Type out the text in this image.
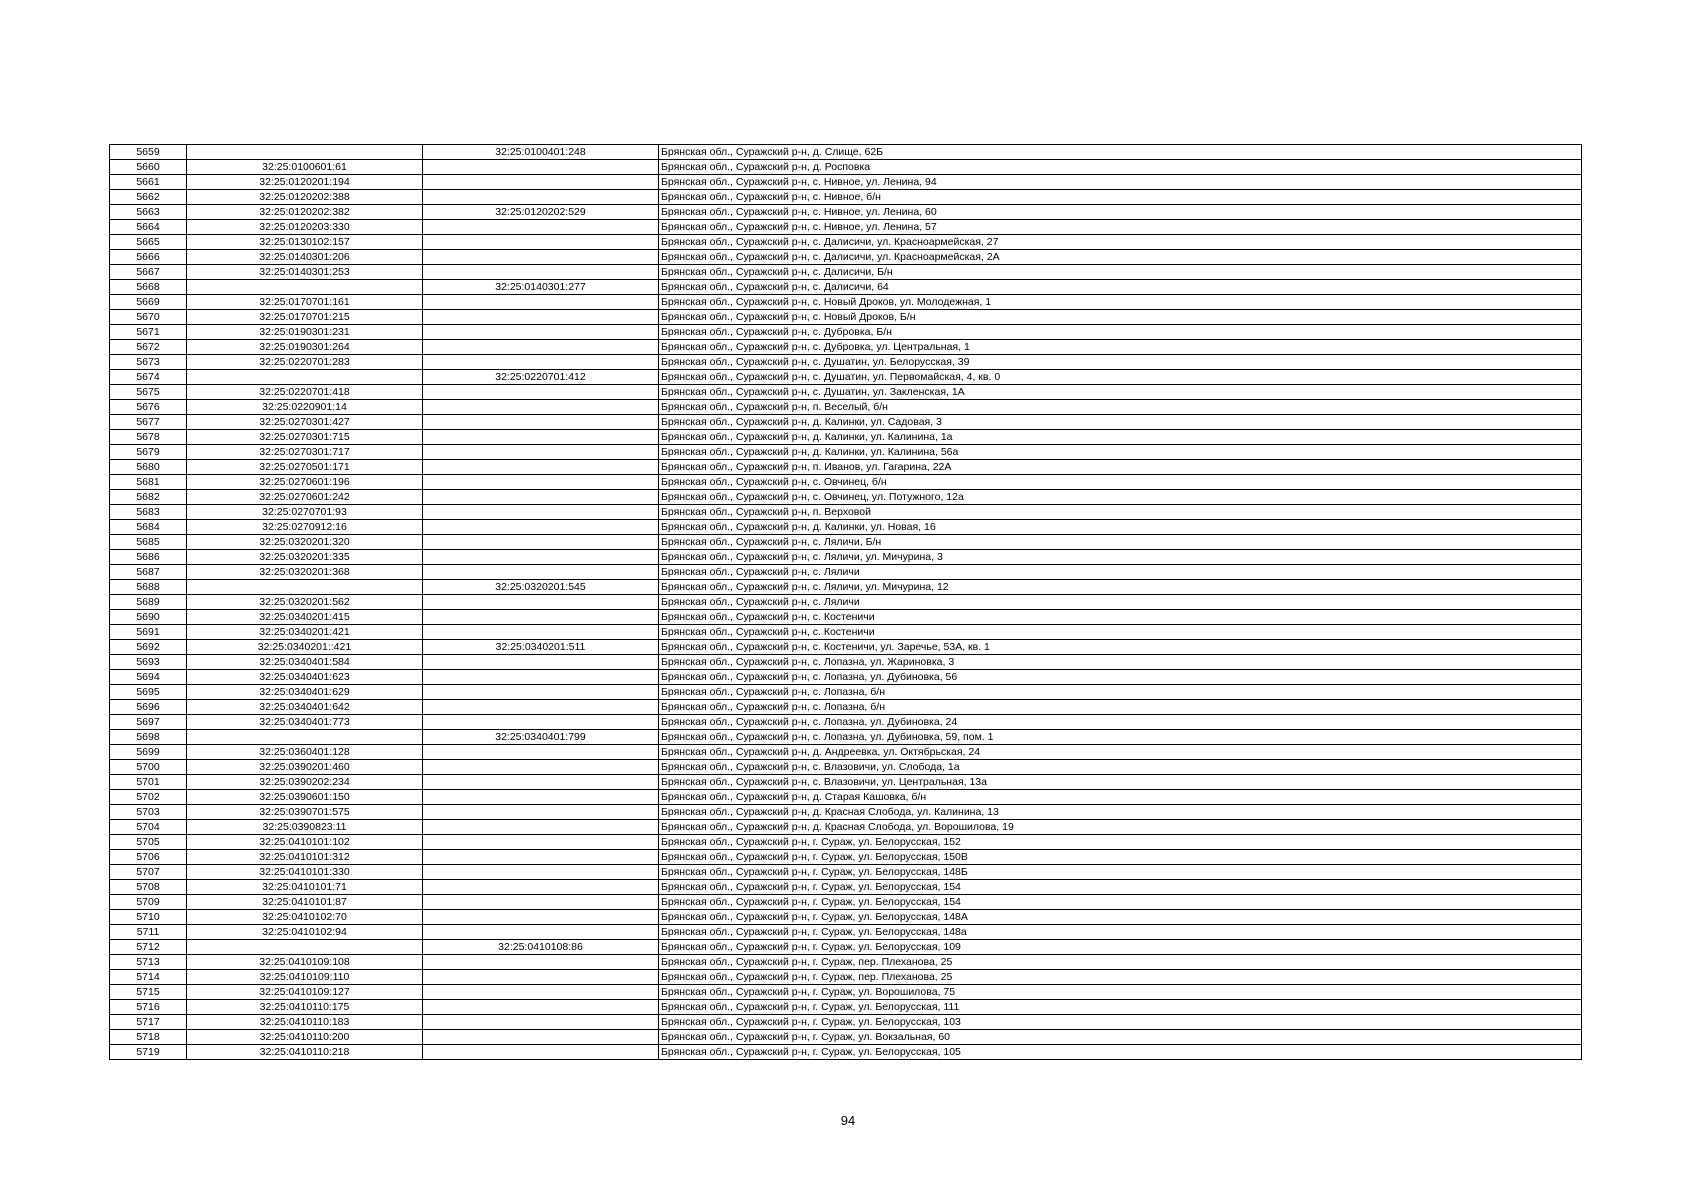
5659		32:25:0100401:248	Брянская обл., Суражский р-н, д. Слище, 62Б
5660	32:25:0100601:61		Брянская обл., Суражский р-н, д. Росповка
5661	32:25:0120201:194		Брянская обл., Суражский р-н, с. Нивное, ул. Ленина, 94
5662	32:25:0120202:388		Брянская обл., Суражский р-н, с. Нивное, б/н
5663	32:25:0120202:382	32:25:0120202:529	Брянская обл., Суражский р-н, с. Нивное, ул. Ленина, 60
5664	32:25:0120203:330		Брянская обл., Суражский р-н, с. Нивное, ул. Ленина, 57
5665	32:25:0130102:157		Брянская обл., Суражский р-н, с. Далисичи, ул. Красноармейская, 27
5666	32:25:0140301:206		Брянская обл., Суражский р-н, с. Далисичи, ул. Красноармейская, 2А
5667	32:25:0140301:253		Брянская обл., Суражский р-н, с. Далисичи, Б/н
5668		32:25:0140301:277	Брянская обл., Суражский р-н, с. Далисичи, 64
5669	32:25:0170701:161		Брянская обл., Суражский р-н, с. Новый Дроков, ул. Молодежная, 1
5670	32:25:0170701:215		Брянская обл., Суражский р-н, с. Новый Дроков, Б/н
5671	32:25:0190301:231		Брянская обл., Суражский р-н, с. Дубровка, Б/н
5672	32:25:0190301:264		Брянская обл., Суражский р-н, с. Дубровка, ул. Центральная, 1
5673	32:25:0220701:283		Брянская обл., Суражский р-н, с. Душатин, ул. Белорусская, 39
5674		32:25:0220701:412	Брянская обл., Суражский р-н, с. Душатин, ул. Первомайская, 4, кв. 0
5675	32:25:0220701:418		Брянская обл., Суражский р-н, с. Душатин, ул. Закленская, 1А
5676	32:25:0220901:14		Брянская обл., Суражский р-н, п. Веселый, б/н
5677	32:25:0270301:427		Брянская обл., Суражский р-н, д. Калинки, ул. Садовая, 3
5678	32:25:0270301:715		Брянская обл., Суражский р-н, д. Калинки, ул. Калинина, 1а
5679	32:25:0270301:717		Брянская обл., Суражский р-н, д. Калинки, ул. Калинина, 56а
5680	32:25:0270501:171		Брянская обл., Суражский р-н, п. Иванов, ул. Гагарина, 22А
5681	32:25:0270601:196		Брянская обл., Суражский р-н, с. Овчинец, б/н
5682	32:25:0270601:242		Брянская обл., Суражский р-н, с. Овчинец, ул. Потужного, 12а
5683	32:25:0270701:93		Брянская обл., Суражский р-н, п. Верховой
5684	32:25:0270912:16		Брянская обл., Суражский р-н, д. Калинки, ул. Новая, 16
5685	32:25:0320201:320		Брянская обл., Суражский р-н, с. Ляличи, Б/н
5686	32:25:0320201:335		Брянская обл., Суражский р-н, с. Ляличи, ул. Мичурина, 3
5687	32:25:0320201:368		Брянская обл., Суражский р-н, с. Ляличи
5688		32:25:0320201:545	Брянская обл., Суражский р-н, с. Ляличи, ул. Мичурина, 12
5689	32:25:0320201:562		Брянская обл., Суражский р-н, с. Ляличи
5690	32:25:0340201:415		Брянская обл., Суражский р-н, с. Костеничи
5691	32:25:0340201:421		Брянская обл., Суражский р-н, с. Костеничи
5692	32:25:0340201::421	32:25:0340201:511	Брянская обл., Суражский р-н, с. Костеничи, ул. Заречье, 53А, кв. 1
5693	32:25:0340401:584		Брянская обл., Суражский р-н, с. Лопазна, ул. Жариновка, 3
5694	32:25:0340401:623		Брянская обл., Суражский р-н, с. Лопазна, ул. Дубиновка, 56
5695	32:25:0340401:629		Брянская обл., Суражский р-н, с. Лопазна, б/н
5696	32:25:0340401:642		Брянская обл., Суражский р-н, с. Лопазна, б/н
5697	32:25:0340401:773		Брянская обл., Суражский р-н, с. Лопазна, ул. Дубиновка, 24
5698		32:25:0340401:799	Брянская обл., Суражский р-н, с. Лопазна, ул. Дубиновка, 59, пом. 1
5699	32:25:0360401:128		Брянская обл., Суражский р-н, д. Андреевка, ул. Октябрьская, 24
5700	32:25:0390201:460		Брянская обл., Суражский р-н, с. Влазовичи, ул. Слобода, 1а
5701	32:25:0390202:234		Брянская обл., Суражский р-н, с. Влазовичи, ул. Центральная, 13а
5702	32:25:0390601:150		Брянская обл., Суражский р-н, д. Старая Кашовка, б/н
5703	32:25:0390701:575		Брянская обл., Суражский р-н, д. Красная Слобода, ул. Калинина, 13
5704	32:25:0390823:11		Брянская обл., Суражский р-н, д. Красная Слобода, ул. Ворошилова, 19
5705	32:25:0410101:102		Брянская обл., Суражский р-н, г. Сураж, ул. Белорусская, 152
5706	32:25:0410101:312		Брянская обл., Суражский р-н, г. Сураж, ул. Белорусская, 150В
5707	32:25:0410101:330		Брянская обл., Суражский р-н, г. Сураж, ул. Белорусская, 148Б
5708	32:25:0410101:71		Брянская обл., Суражский р-н, г. Сураж, ул. Белорусская, 154
5709	32:25:0410101:87		Брянская обл., Суражский р-н, г. Сураж, ул. Белорусская, 154
5710	32:25:0410102:70		Брянская обл., Суражский р-н, г. Сураж, ул. Белорусская, 148А
5711	32:25:0410102:94		Брянская обл., Суражский р-н, г. Сураж, ул. Белорусская, 148а
5712		32:25:0410108:86	Брянская обл., Суражский р-н, г. Сураж, ул. Белорусская, 109
5713	32:25:0410109:108		Брянская обл., Суражский р-н, г. Сураж, пер. Плеханова, 25
5714	32:25:0410109:110		Брянская обл., Суражский р-н, г. Сураж, пер. Плеханова, 25
5715	32:25:0410109:127		Брянская обл., Суражский р-н, г. Сураж, ул. Ворошилова, 75
5716	32:25:0410110:175		Брянская обл., Суражский р-н, г. Сураж, ул. Белорусская, 111
5717	32:25:0410110:183		Брянская обл., Суражский р-н, г. Сураж, ул. Белорусская, 103
5718	32:25:0410110:200		Брянская обл., Суражский р-н, г. Сураж, ул. Вокзальная, 60
5719	32:25:0410110:218		Брянская обл., Суражский р-н, г. Сураж, ул. Белорусская, 105
94
